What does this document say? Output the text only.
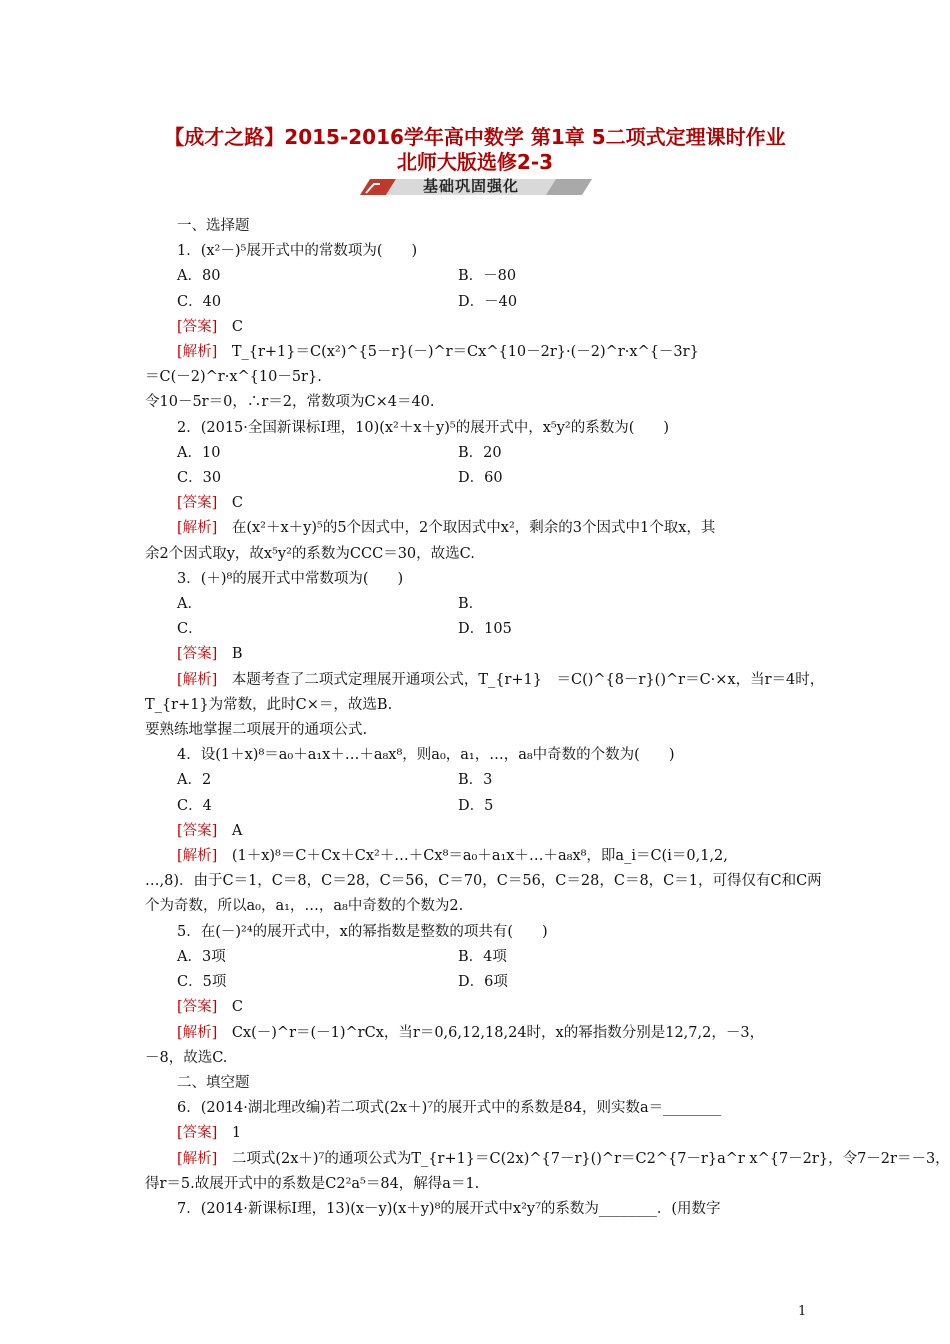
【成才之路】2015-2016学年高中数学 第1章 5二项式定理课时作业
北师大版选修2-3
基础巩固强化
一、选择题
1．(x²－)⁵展开式中的常数项为(　　)
A．80	B．－80
C．40	D．－40
[答案]　C
[解析]　T_{r+1}＝C(x²)^{5－r}(－)^r＝Cx^{10－2r}·(－2)^r·x^{－3r}
＝C(－2)^r·x^{10－5r}.
令10－5r＝0，∴r＝2，常数项为C×4＝40.
2．(2015·全国新课标Ⅰ理，10)(x²＋x＋y)⁵的展开式中，x⁵y²的系数为(　　)
A．10	B．20
C．30	D．60
[答案]　C
[解析]　在(x²＋x＋y)⁵的5个因式中，2个取因式中x²，剩余的3个因式中1个取x，其
余2个因式取y，故x⁵y²的系数为CCC＝30，故选C.
3．(＋)⁸的展开式中常数项为(　　)
A．	B．
C．	D．105
[答案]　B
[解析]　本题考查了二项式定理展开通项公式，T_{r+1}　＝C()^{8－r}()^r＝C·×x，当r＝4时，
T_{r+1}为常数，此时C×＝，故选B.
要熟练地掌握二项展开的通项公式.
4．设(1＋x)⁸＝a₀＋a₁x＋…＋a₈x⁸，则a₀，a₁，…，a₈中奇数的个数为(　　)
A．2	B．3
C．4	D．5
[答案]　A
[解析]　(1＋x)⁸＝C＋Cx＋Cx²＋…＋Cx⁸＝a₀＋a₁x＋…＋a₈x⁸，即a_i＝C(i＝0,1,2,
…,8)．由于C＝1，C＝8，C＝28，C＝56，C＝70，C＝56，C＝28，C＝8，C＝1，可得仅有C和C两
个为奇数，所以a₀，a₁，…，a₈中奇数的个数为2.
5．在(－)²⁴的展开式中，x的幂指数是整数的项共有(　　)
A．3项	B．4项
C．5项	D．6项
[答案]　C
[解析]　Cx(－)^r＝(－1)^rCx，当r＝0,6,12,18,24时，x的幂指数分别是12,7,2，－3，
－8，故选C.
二、填空题
6．(2014·湖北理改编)若二项式(2x＋)⁷的展开式中的系数是84，则实数a＝________
[答案]　1
[解析]　二项式(2x＋)⁷的通项公式为T_{r+1}＝C(2x)^{7－r}()^r＝C2^{7－r}a^r x^{7－2r}，令7－2r＝－3，
得r＝5.故展开式中的系数是C2²a⁵＝84，解得a＝1.
7．(2014·新课标Ⅰ理，13)(x－y)(x＋y)⁸的展开式中x²y⁷的系数为________．(用数字
1
